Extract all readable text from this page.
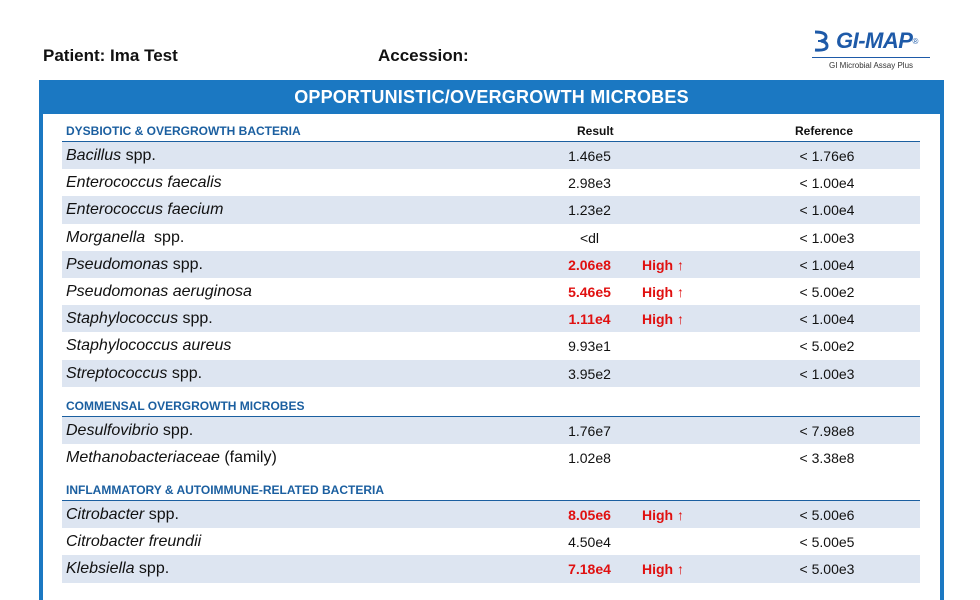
Patient: Ima Test	Accession:
GI-MAP ®
GI Microbial Assay Plus
OPPORTUNISTIC/OVERGROWTH MICROBES
DYSBIOTIC & OVERGROWTH BACTERIA	Result	Reference
Bacillus spp.	1.46e5	< 1.76e6
Enterococcus faecalis	2.98e3	< 1.00e4
Enterococcus faecium	1.23e2	< 1.00e4
Morganella  spp.	<dl	< 1.00e3
Pseudomonas spp.	2.06e8	High ↑	< 1.00e4
Pseudomonas aeruginosa	5.46e5	High ↑	< 5.00e2
Staphylococcus spp.	1.11e4	High ↑	< 1.00e4
Staphylococcus aureus	9.93e1	< 5.00e2
Streptococcus spp.	3.95e2	< 1.00e3
COMMENSAL OVERGROWTH MICROBES
Desulfovibrio spp.	1.76e7	< 7.98e8
Methanobacteriaceae (family)	1.02e8	< 3.38e8
INFLAMMATORY & AUTOIMMUNE-RELATED BACTERIA
Citrobacter spp.	8.05e6	High ↑	< 5.00e6
Citrobacter freundii	4.50e4	< 5.00e5
Klebsiella spp.	7.18e4	High ↑	< 5.00e3
